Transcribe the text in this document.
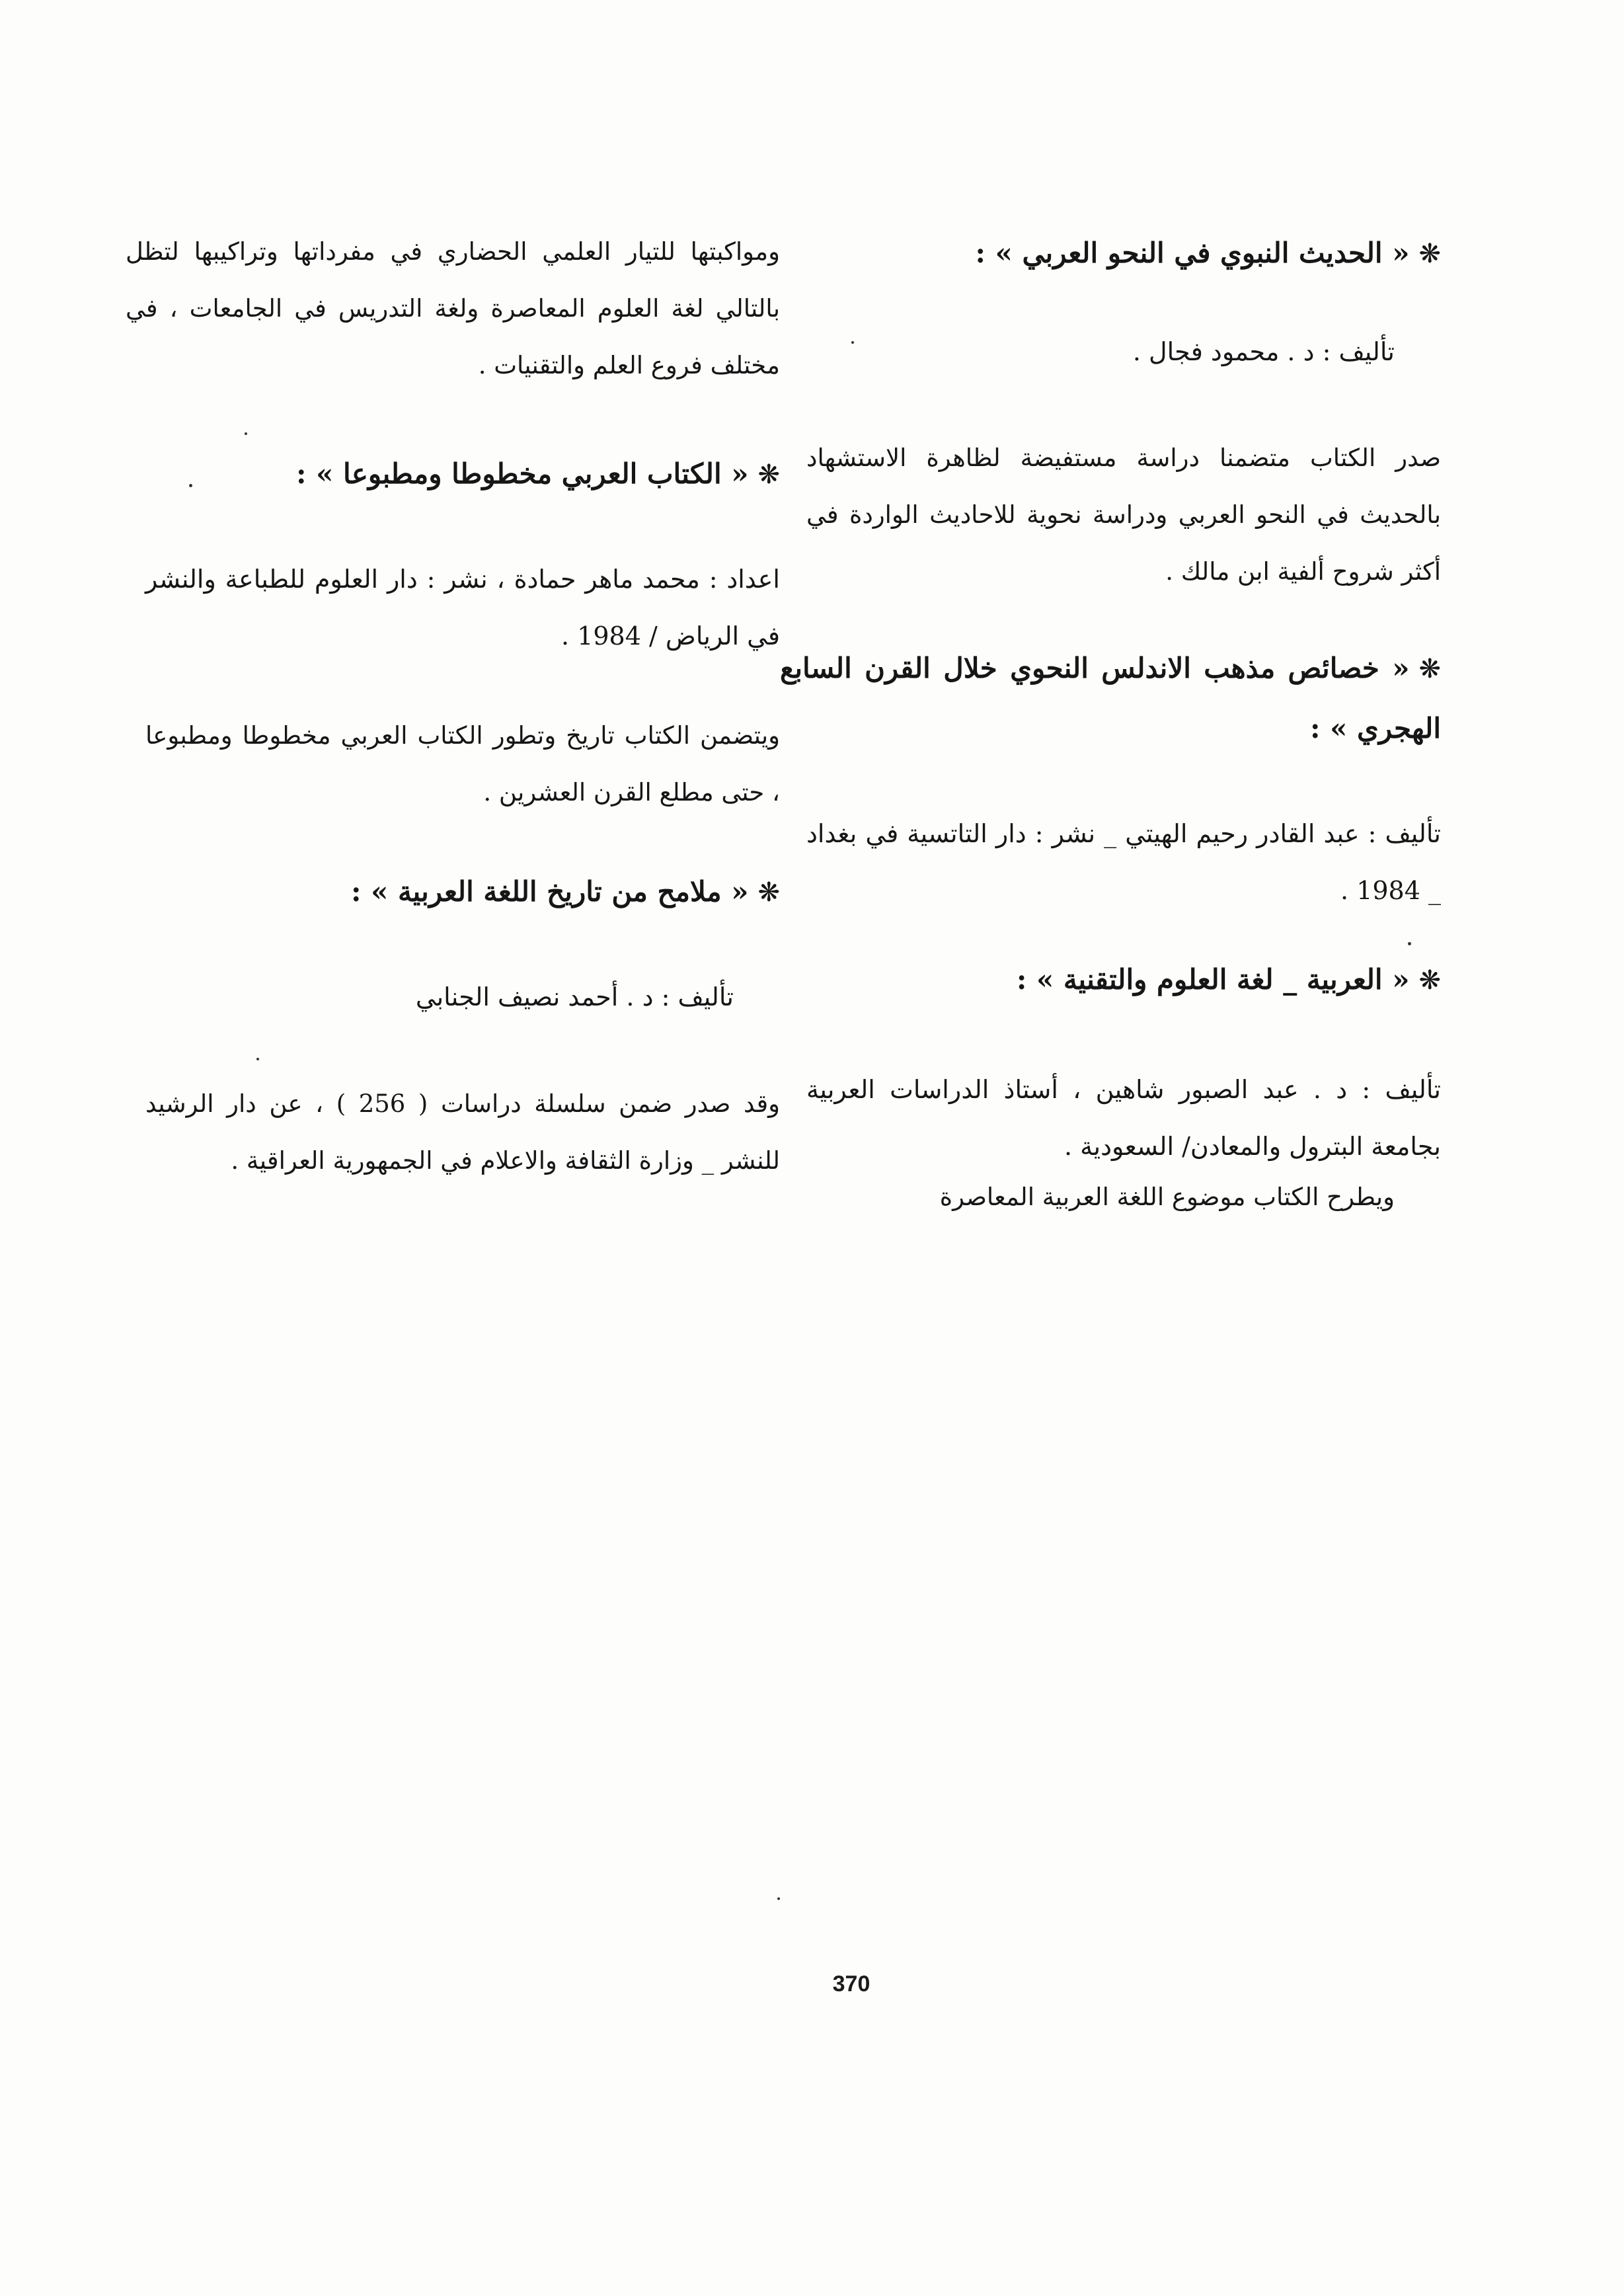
❋« الحديث النبوي في النحو العربي » :
تأليف : د . محمود فجال .
صدر الكتاب متضمنا دراسة مستفيضة لظاهرة الاستشهاد بالحديث في النحو العربي ودراسة نحوية للاحاديث الواردة في أكثر شروح ألفية ابن مالك .
❋« خصائص مذهب الاندلس النحوي خلال القرن السابع الهجري » :
تأليف : عبد القادر رحيم الهيتي _ نشر : دار التاتسية في بغداد _ 1984 .
❋« العربية _ لغة العلوم والتقنية » :
تأليف : د . عبد الصبور شاهين ، أستاذ الدراسات العربية بجامعة البترول والمعادن/ السعودية .
ويطرح الكتاب موضوع اللغة العربية المعاصرة
ومواكبتها للتيار العلمي الحضاري في مفرداتها وتراكيبها لتظل بالتالي لغة العلوم المعاصرة ولغة التدريس في الجامعات ، في مختلف فروع العلم والتقنيات .
❋« الكتاب العربي مخطوطا ومطبوعا » :
اعداد : محمد ماهر حمادة ، نشر : دار العلوم للطباعة والنشر في الرياض / 1984 .
ويتضمن الكتاب تاريخ وتطور الكتاب العربي مخطوطا ومطبوعا ، حتى مطلع القرن العشرين .
❋« ملامح من تاريخ اللغة العربية » :
تأليف : د . أحمد نصيف الجنابي
وقد صدر ضمن سلسلة دراسات ( 256 ) ، عن دار الرشيد للنشر _ وزارة الثقافة والاعلام في الجمهورية العراقية .
370
